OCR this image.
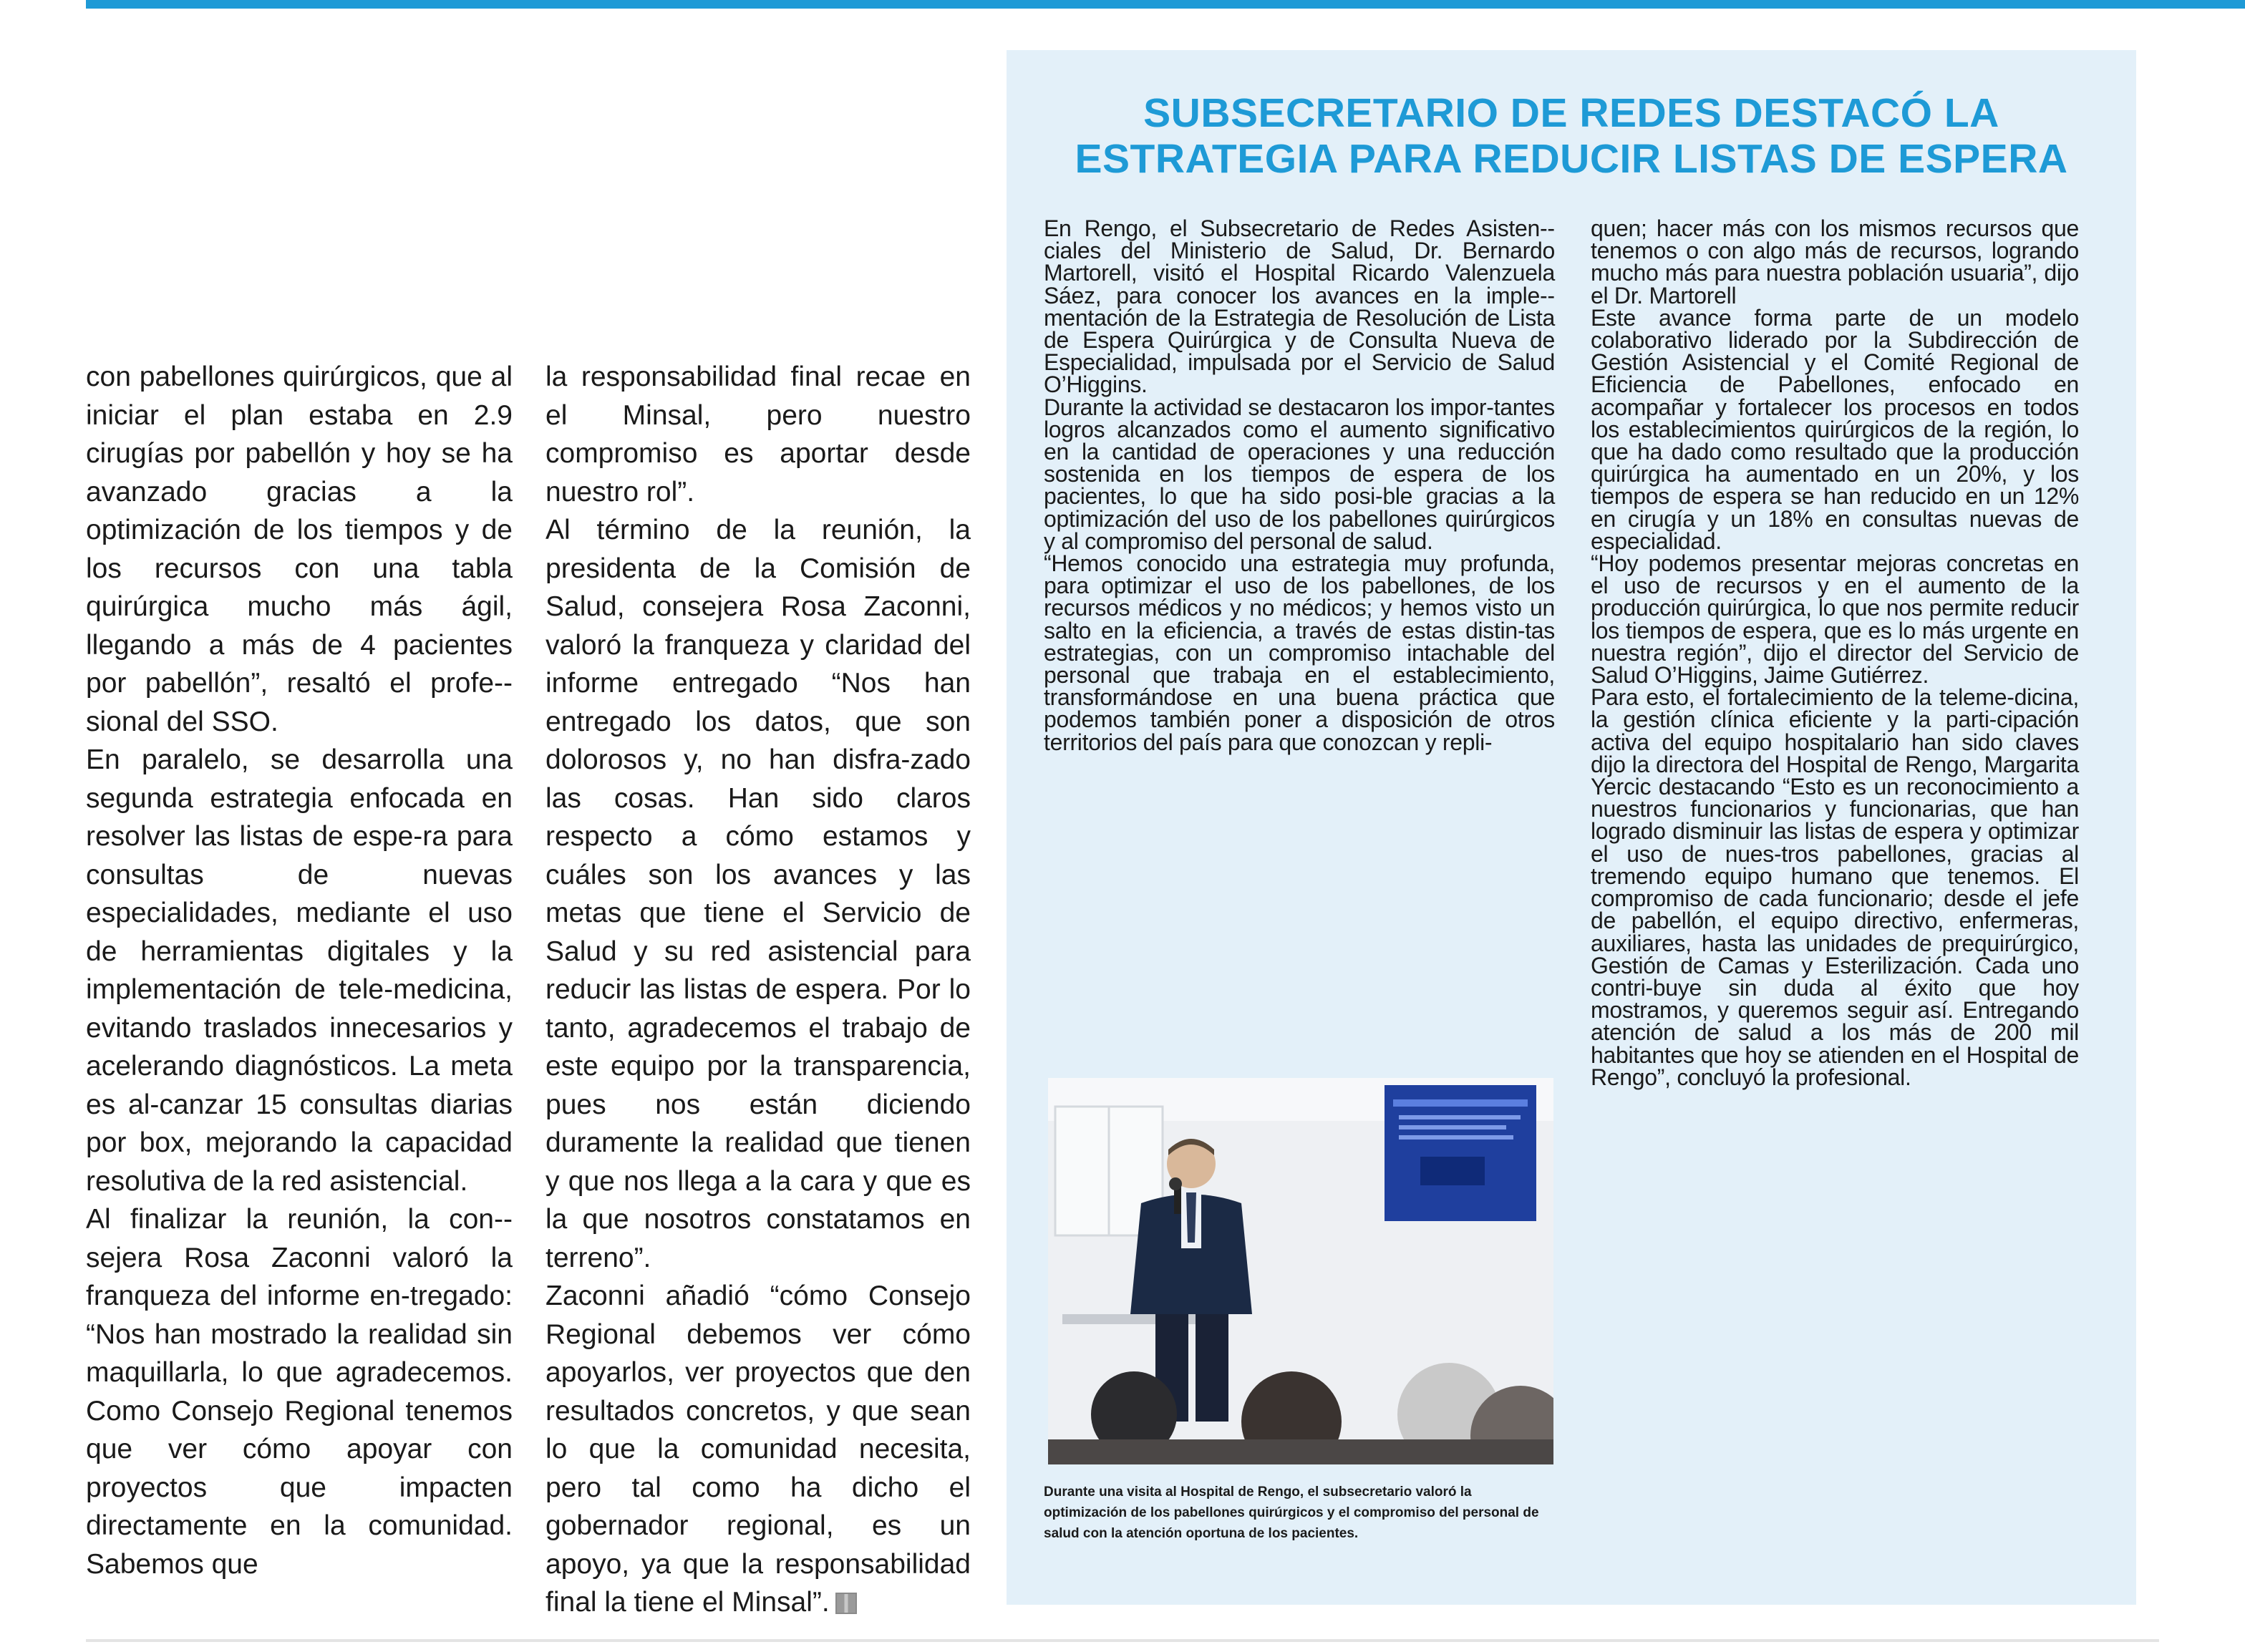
con pabellones quirúrgicos, que al iniciar el plan estaba en 2.9 cirugías por pabellón y hoy se ha avanzado gracias a la optimización de los tiempos y de los recursos con una tabla quirúrgica mucho más ágil, llegando a más de 4 pacientes por pabellón”, resaltó el profe-sional del SSO.

En paralelo, se desarrolla una segunda estrategia enfocada en resolver las listas de espe-ra para consultas de nuevas especialidades, mediante el uso de herramientas digitales y la implementación de tele-medicina, evitando traslados innecesarios y acelerando diagnósticos. La meta es al-canzar 15 consultas diarias por box, mejorando la capacidad resolutiva de la red asistencial.

Al finalizar la reunión, la con-sejera Rosa Zaconni valoró la franqueza del informe en-tregado: “Nos han mostrado la realidad sin maquillarla, lo que agradecemos. Como Consejo Regional tenemos que ver cómo apoyar con proyectos que impacten directamente en la comunidad. Sabemos que

la responsabilidad final recae en el Minsal, pero nuestro compromiso es aportar desde nuestro rol”.

Al término de la reunión, la presidenta de la Comisión de Salud, consejera Rosa Zaconni, valoró la franqueza y claridad del informe entregado “Nos han entregado los datos, que son dolorosos y, no han disfra-zado las cosas. Han sido claros respecto a cómo estamos y cuáles son los avances y las metas que tiene el Servicio de Salud y su red asistencial para reducir las listas de espera. Por lo tanto, agradecemos el trabajo de este equipo por la transparencia, pues nos están diciendo duramente la realidad que tienen y que nos llega a la cara y que es la que nosotros constatamos en terreno”.

Zaconni añadió “cómo Consejo Regional debemos ver cómo apoyarlos, ver proyectos que den resultados concretos, y que sean lo que la comunidad necesita, pero tal como ha dicho el gobernador regional, es un apoyo, ya que la responsabilidad final la tiene el Minsal”.

SUBSECRETARIO DE REDES DESTACÓ LA
ESTRATEGIA PARA REDUCIR LISTAS DE ESPERA

En Rengo, el Subsecretario de Redes Asisten-ciales del Ministerio de Salud, Dr. Bernardo Martorell, visitó el Hospital Ricardo Valenzuela Sáez, para conocer los avances en la imple-mentación de la Estrategia de Resolución de Lista de Espera Quirúrgica y de Consulta Nueva de Especialidad, impulsada por el Servicio de Salud O’Higgins.

Durante la actividad se destacaron los impor-tantes logros alcanzados como el aumento significativo en la cantidad de operaciones y una reducción sostenida en los tiempos de espera de los pacientes, lo que ha sido posi-ble gracias a la optimización del uso de los pabellones quirúrgicos y al compromiso del personal de salud.

“Hemos conocido una estrategia muy profunda, para optimizar el uso de los pabellones, de los recursos médicos y no médicos; y hemos visto un salto en la eficiencia, a través de estas distin-tas estrategias, con un compromiso intachable del personal que trabaja en el establecimiento, transformándose en una buena práctica que podemos también poner a disposición de otros territorios del país para que conozcan y repli-

Durante una visita al Hospital de Rengo, el subsecretario valoró la optimización de los pabellones quirúrgicos y el compromiso del personal de salud con la atención oportuna de los pacientes.

quen; hacer más con los mismos recursos que tenemos o con algo más de recursos, logrando mucho más para nuestra población usuaria”, dijo el Dr. Martorell

Este avance forma parte de un modelo colaborativo liderado por la Subdirección de Gestión Asistencial y el Comité Regional de Eficiencia de Pabellones, enfocado en acompañar y fortalecer los procesos en todos los establecimientos quirúrgicos de la región, lo que ha dado como resultado que la producción quirúrgica ha aumentado en un 20%, y los tiempos de espera se han reducido en un 12% en cirugía y un 18% en consultas nuevas de especialidad.

“Hoy podemos presentar mejoras concretas en el uso de recursos y en el aumento de la producción quirúrgica, lo que nos permite reducir los tiempos de espera, que es lo más urgente en nuestra región”, dijo el director del Servicio de Salud O’Higgins, Jaime Gutiérrez.

Para esto, el fortalecimiento de la teleme-dicina, la gestión clínica eficiente y la parti-cipación activa del equipo hospitalario han sido claves dijo la directora del Hospital de Rengo, Margarita Yercic destacando “Esto es un reconocimiento a nuestros funcionarios y funcionarias, que han logrado disminuir las listas de espera y optimizar el uso de nues-tros pabellones, gracias al tremendo equipo humano que tenemos. El compromiso de cada funcionario; desde el jefe de pabellón, el equipo directivo, enfermeras, auxiliares, hasta las unidades de prequirúrgico, Gestión de Camas y Esterilización. Cada uno contri-buye sin duda al éxito que hoy mostramos, y queremos seguir así. Entregando atención de salud a los más de 200 mil habitantes que hoy se atienden en el Hospital de Rengo”, concluyó la profesional.
